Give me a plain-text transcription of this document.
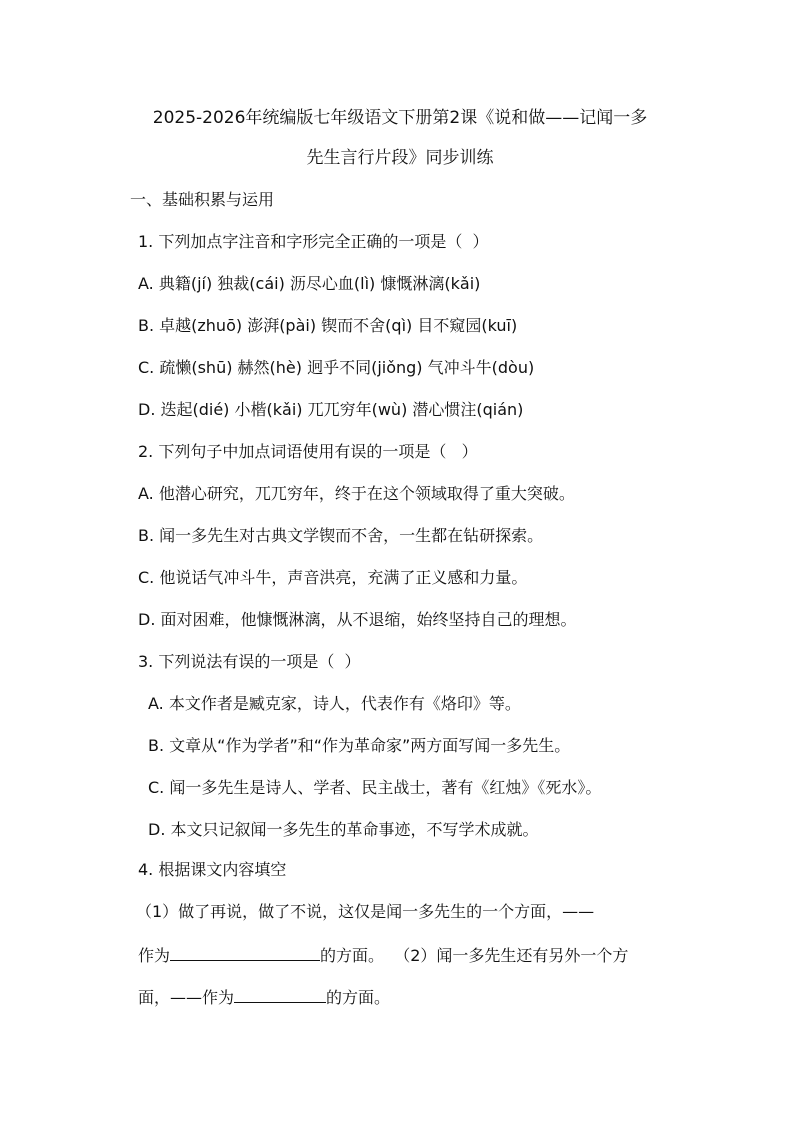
2025-2026年统编版七年级语文下册第2课《说和做——记闻一多
先生言行片段》同步训练
一、基础积累与运用
1. 下列加点字注音和字形完全正确的一项是（  ）
A. 典籍(jí) 独裁(cái) 沥尽心血(lì) 慷慨淋漓(kǎi)
B. 卓越(zhuō) 澎湃(pài) 锲而不舍(qì) 目不窥园(kuī)
C. 疏懒(shū) 赫然(hè) 迥乎不同(jiǒng) 气冲斗牛(dòu)
D. 迭起(dié) 小楷(kǎi) 兀兀穷年(wù) 潜心惯注(qián)
2. 下列句子中加点词语使用有误的一项是（   ）
A. 他潜心研究，兀兀穷年，终于在这个领域取得了重大突破。
B. 闻一多先生对古典文学锲而不舍，一生都在钻研探索。
C. 他说话气冲斗牛，声音洪亮，充满了正义感和力量。
D. 面对困难，他慷慨淋漓，从不退缩，始终坚持自己的理想。
3. 下列说法有误的一项是（  ）
A. 本文作者是臧克家，诗人，代表作有《烙印》等。
B. 文章从“作为学者”和“作为革命家”两方面写闻一多先生。
C. 闻一多先生是诗人、学者、民主战士，著有《红烛》《死水》。
D. 本文只记叙闻一多先生的革命事迹，不写学术成就。
4. 根据课文内容填空
（1）做了再说，做了不说，这仅是闻一多先生的一个方面，——
作为	的方面。  （2）闻一多先生还有另外一个方
面，——作为	的方面。
